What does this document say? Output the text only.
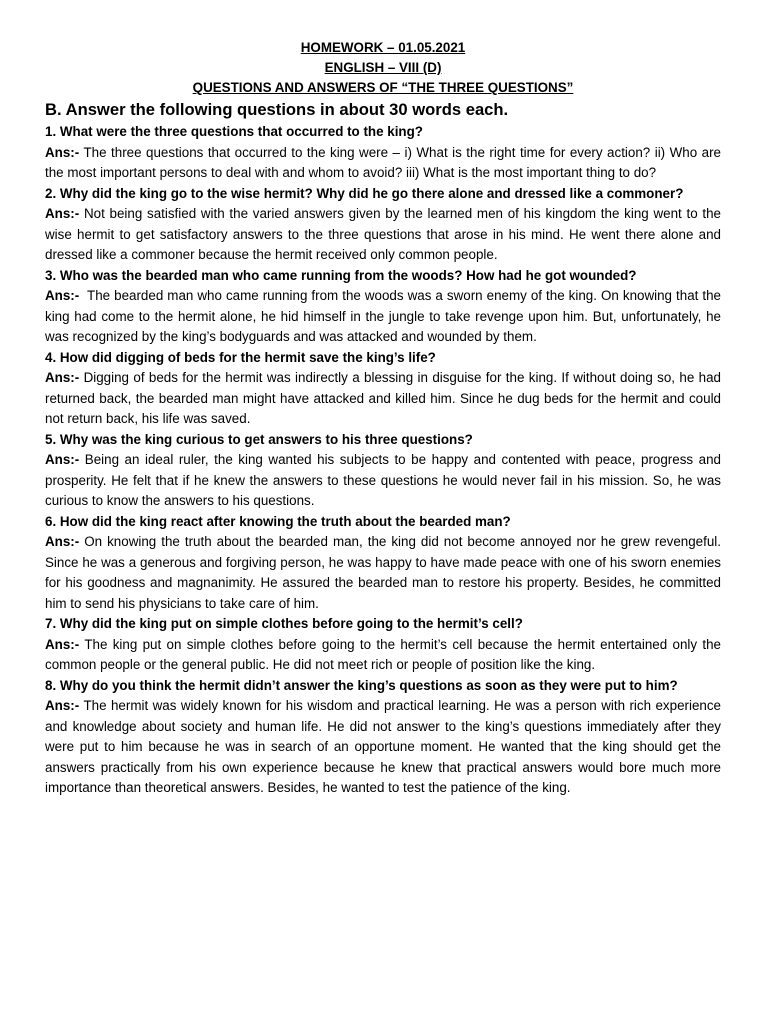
HOMEWORK – 01.05.2021
ENGLISH – VIII (D)
QUESTIONS AND ANSWERS OF “THE THREE QUESTIONS”
B. Answer the following questions in about 30 words each.
1. What were the three questions that occurred to the king?
Ans:- The three questions that occurred to the king were – i) What is the right time for every action? ii) Who are the most important persons to deal with and whom to avoid? iii) What is the most important thing to do?
2. Why did the king go to the wise hermit? Why did he go there alone and dressed like a commoner?
Ans:- Not being satisfied with the varied answers given by the learned men of his kingdom the king went to the wise hermit to get satisfactory answers to the three questions that arose in his mind. He went there alone and dressed like a commoner because the hermit received only common people.
3. Who was the bearded man who came running from the woods? How had he got wounded?
Ans:- The bearded man who came running from the woods was a sworn enemy of the king. On knowing that the king had come to the hermit alone, he hid himself in the jungle to take revenge upon him. But, unfortunately, he was recognized by the king’s bodyguards and was attacked and wounded by them.
4. How did digging of beds for the hermit save the king’s life?
Ans:- Digging of beds for the hermit was indirectly a blessing in disguise for the king. If without doing so, he had returned back, the bearded man might have attacked and killed him. Since he dug beds for the hermit and could not return back, his life was saved.
5. Why was the king curious to get answers to his three questions?
Ans:- Being an ideal ruler, the king wanted his subjects to be happy and contented with peace, progress and prosperity. He felt that if he knew the answers to these questions he would never fail in his mission. So, he was curious to know the answers to his questions.
6. How did the king react after knowing the truth about the bearded man?
Ans:- On knowing the truth about the bearded man, the king did not become annoyed nor he grew revengeful. Since he was a generous and forgiving person, he was happy to have made peace with one of his sworn enemies for his goodness and magnanimity. He assured the bearded man to restore his property. Besides, he committed him to send his physicians to take care of him.
7. Why did the king put on simple clothes before going to the hermit’s cell?
Ans:- The king put on simple clothes before going to the hermit’s cell because the hermit entertained only the common people or the general public. He did not meet rich or people of position like the king.
8. Why do you think the hermit didn’t answer the king’s questions as soon as they were put to him?
Ans:- The hermit was widely known for his wisdom and practical learning. He was a person with rich experience and knowledge about society and human life. He did not answer to the king’s questions immediately after they were put to him because he was in search of an opportune moment. He wanted that the king should get the answers practically from his own experience because he knew that practical answers would bore much more importance than theoretical answers. Besides, he wanted to test the patience of the king.
